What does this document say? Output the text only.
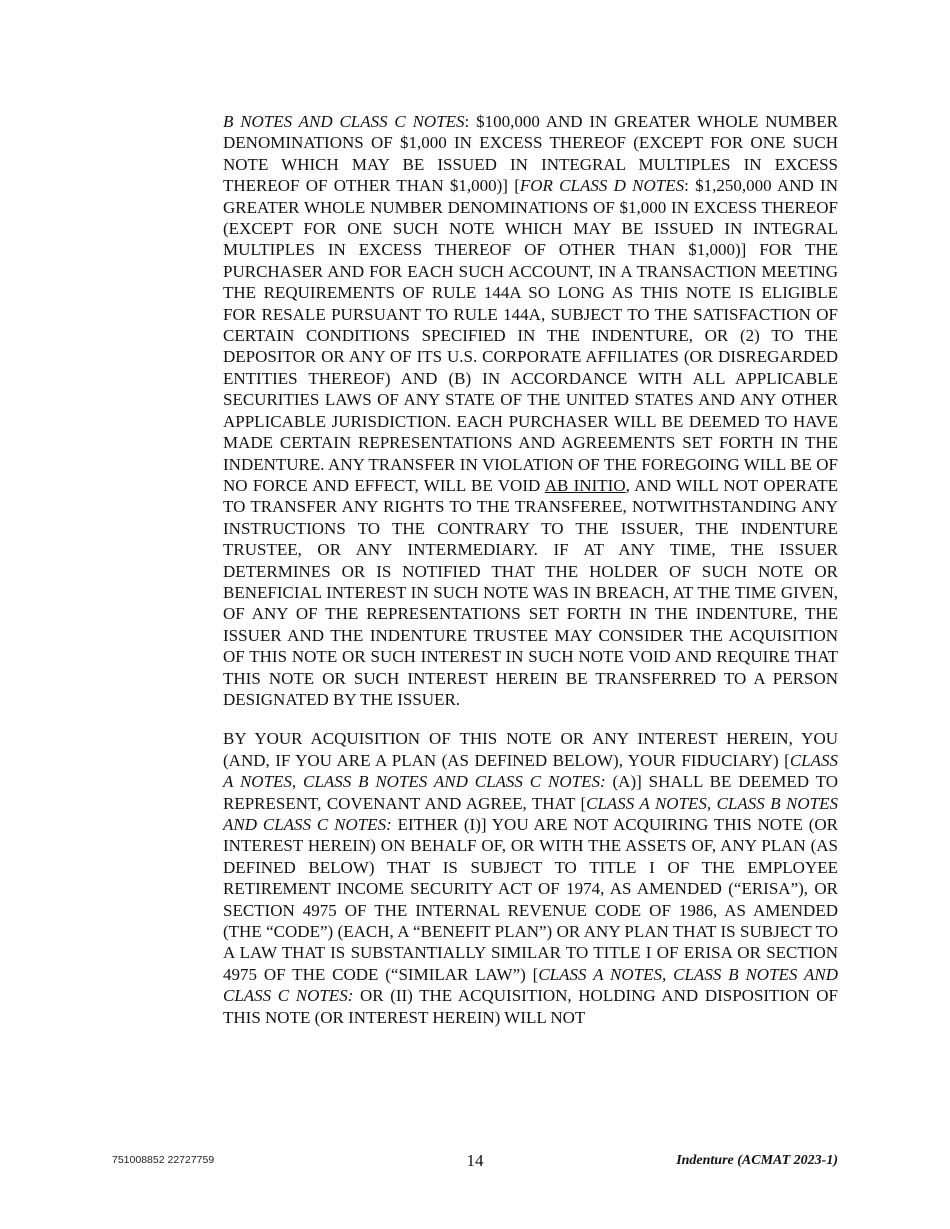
B NOTES AND CLASS C NOTES: $100,000 AND IN GREATER WHOLE NUMBER DENOMINATIONS OF $1,000 IN EXCESS THEREOF (EXCEPT FOR ONE SUCH NOTE WHICH MAY BE ISSUED IN INTEGRAL MULTIPLES IN EXCESS THEREOF OF OTHER THAN $1,000)] [FOR CLASS D NOTES: $1,250,000 AND IN GREATER WHOLE NUMBER DENOMINATIONS OF $1,000 IN EXCESS THEREOF (EXCEPT FOR ONE SUCH NOTE WHICH MAY BE ISSUED IN INTEGRAL MULTIPLES IN EXCESS THEREOF OF OTHER THAN $1,000)] FOR THE PURCHASER AND FOR EACH SUCH ACCOUNT, IN A TRANSACTION MEETING THE REQUIREMENTS OF RULE 144A SO LONG AS THIS NOTE IS ELIGIBLE FOR RESALE PURSUANT TO RULE 144A, SUBJECT TO THE SATISFACTION OF CERTAIN CONDITIONS SPECIFIED IN THE INDENTURE, OR (2) TO THE DEPOSITOR OR ANY OF ITS U.S. CORPORATE AFFILIATES (OR DISREGARDED ENTITIES THEREOF) AND (B) IN ACCORDANCE WITH ALL APPLICABLE SECURITIES LAWS OF ANY STATE OF THE UNITED STATES AND ANY OTHER APPLICABLE JURISDICTION. EACH PURCHASER WILL BE DEEMED TO HAVE MADE CERTAIN REPRESENTATIONS AND AGREEMENTS SET FORTH IN THE INDENTURE. ANY TRANSFER IN VIOLATION OF THE FOREGOING WILL BE OF NO FORCE AND EFFECT, WILL BE VOID AB INITIO, AND WILL NOT OPERATE TO TRANSFER ANY RIGHTS TO THE TRANSFEREE, NOTWITHSTANDING ANY INSTRUCTIONS TO THE CONTRARY TO THE ISSUER, THE INDENTURE TRUSTEE, OR ANY INTERMEDIARY. IF AT ANY TIME, THE ISSUER DETERMINES OR IS NOTIFIED THAT THE HOLDER OF SUCH NOTE OR BENEFICIAL INTEREST IN SUCH NOTE WAS IN BREACH, AT THE TIME GIVEN, OF ANY OF THE REPRESENTATIONS SET FORTH IN THE INDENTURE, THE ISSUER AND THE INDENTURE TRUSTEE MAY CONSIDER THE ACQUISITION OF THIS NOTE OR SUCH INTEREST IN SUCH NOTE VOID AND REQUIRE THAT THIS NOTE OR SUCH INTEREST HEREIN BE TRANSFERRED TO A PERSON DESIGNATED BY THE ISSUER.

BY YOUR ACQUISITION OF THIS NOTE OR ANY INTEREST HEREIN, YOU (AND, IF YOU ARE A PLAN (AS DEFINED BELOW), YOUR FIDUCIARY) [CLASS A NOTES, CLASS B NOTES AND CLASS C NOTES: (A)] SHALL BE DEEMED TO REPRESENT, COVENANT AND AGREE, THAT [CLASS A NOTES, CLASS B NOTES AND CLASS C NOTES: EITHER (I)] YOU ARE NOT ACQUIRING THIS NOTE (OR INTEREST HEREIN) ON BEHALF OF, OR WITH THE ASSETS OF, ANY PLAN (AS DEFINED BELOW) THAT IS SUBJECT TO TITLE I OF THE EMPLOYEE RETIREMENT INCOME SECURITY ACT OF 1974, AS AMENDED (“ERISA”), OR SECTION 4975 OF THE INTERNAL REVENUE CODE OF 1986, AS AMENDED (THE “CODE”) (EACH, A “BENEFIT PLAN”) OR ANY PLAN THAT IS SUBJECT TO A LAW THAT IS SUBSTANTIALLY SIMILAR TO TITLE I OF ERISA OR SECTION 4975 OF THE CODE (“SIMILAR LAW”) [CLASS A NOTES, CLASS B NOTES AND CLASS C NOTES: OR (II) THE ACQUISITION, HOLDING AND DISPOSITION OF THIS NOTE (OR INTEREST HEREIN) WILL NOT

751008852 22727759	14	Indenture (ACMAT 2023-1)
